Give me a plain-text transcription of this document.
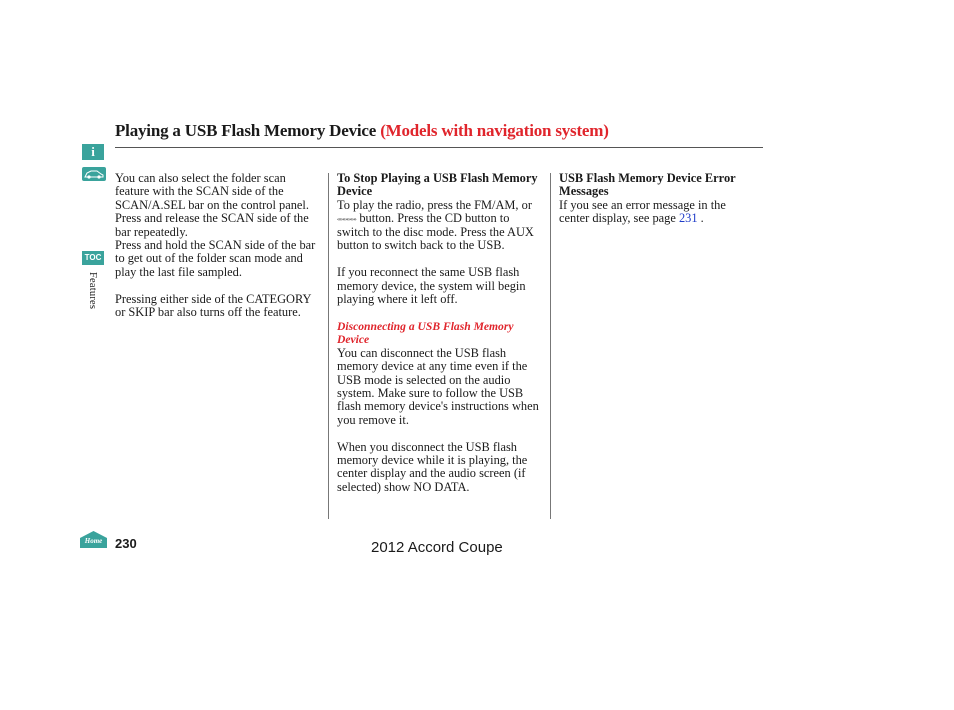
Playing a USB Flash Memory Device (Models with navigation system)
i
TOC
Features
Home

You can also select the folder scan feature with the SCAN side of the SCAN/A.SEL bar on the control panel. Press and release the SCAN side of the bar repeatedly.

Press and hold the SCAN side of the bar to get out of the folder scan mode and play the last file sampled.

Pressing either side of the CATEGORY or SKIP bar also turns off the feature.

To Stop Playing a USB Flash Memory Device

To play the radio, press the FM/AM, or «»»»»»» button. Press the CD button to switch to the disc mode. Press the AUX button to switch back to the USB.

If you reconnect the same USB flash memory device, the system will begin playing where it left off.

Disconnecting a USB Flash Memory Device

You can disconnect the USB flash memory device at any time even if the USB mode is selected on the audio system. Make sure to follow the USB flash memory device's instructions when you remove it.

When you disconnect the USB flash memory device while it is playing, the center display and the audio screen (if selected) show NO DATA.

USB Flash Memory Device Error Messages

If you see an error message in the center display, see page 231 .

230	2012 Accord Coupe
